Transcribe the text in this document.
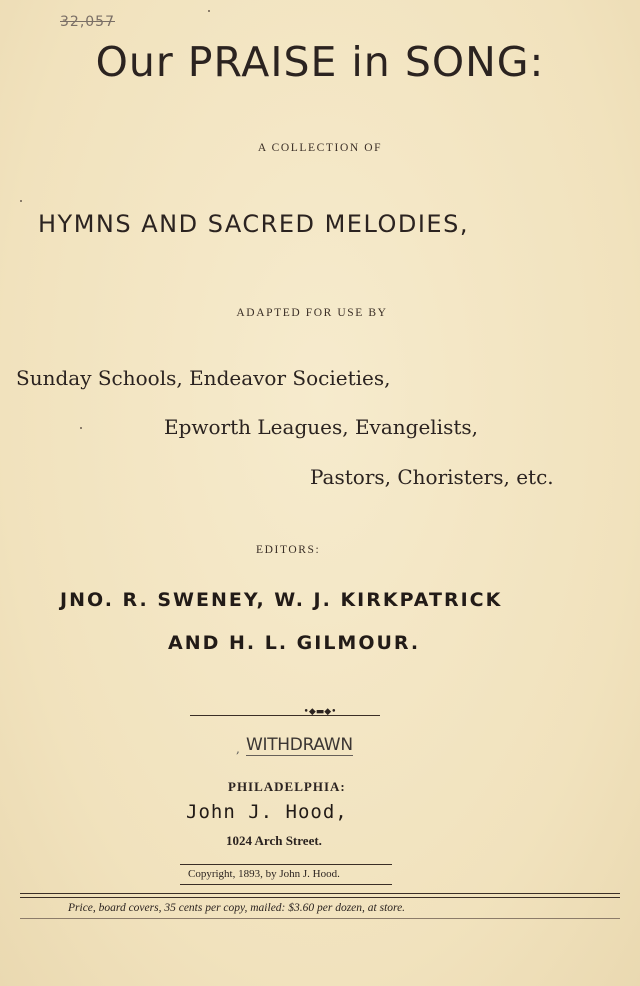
32,057
Our PRAISE in SONG:
A COLLECTION OF
HYMNS AND SACRED MELODIES,
ADAPTED FOR USE BY
Sunday Schools, Endeavor Societies,
Epworth Leagues, Evangelists,
Pastors, Choristers, etc.
EDITORS:
JNO. R. SWENEY, W. J. KIRKPATRICK
AND H. L. GILMOUR.
•◆▬◆•
, WITHDRAWN
PHILADELPHIA:
John J. Hood,
1024 Arch Street.
Copyright, 1893, by John J. Hood.
Price, board covers, 35 cents per copy, mailed: $3.60 per dozen, at store.
